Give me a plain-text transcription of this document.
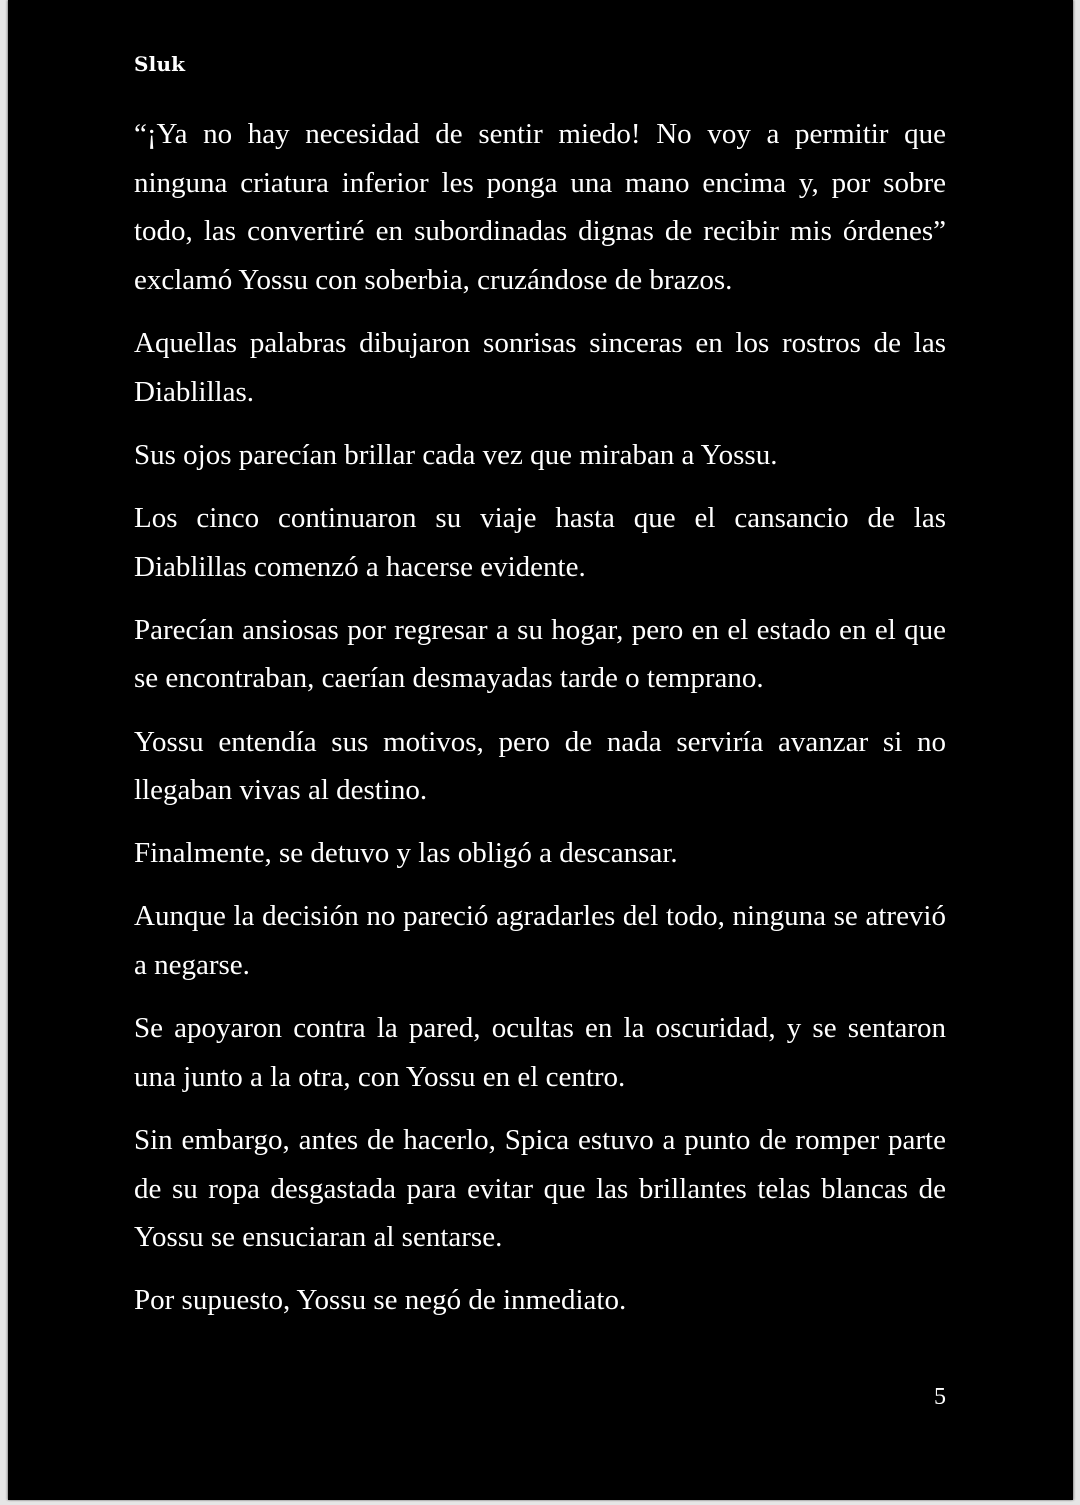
Sluk

“¡Ya no hay necesidad de sentir miedo! No voy a permitir que ninguna criatura inferior les ponga una mano encima y, por sobre todo, las convertiré en subordinadas dignas de recibir mis órdenes” exclamó Yossu con soberbia, cruzándose de brazos.

Aquellas palabras dibujaron sonrisas sinceras en los rostros de las Diablillas.

Sus ojos parecían brillar cada vez que miraban a Yossu.

Los cinco continuaron su viaje hasta que el cansancio de las Diablillas comenzó a hacerse evidente.

Parecían ansiosas por regresar a su hogar, pero en el estado en el que se encontraban, caerían desmayadas tarde o temprano.

Yossu entendía sus motivos, pero de nada serviría avanzar si no llegaban vivas al destino.

Finalmente, se detuvo y las obligó a descansar.

Aunque la decisión no pareció agradarles del todo, ninguna se atrevió a negarse.

Se apoyaron contra la pared, ocultas en la oscuridad, y se sentaron una junto a la otra, con Yossu en el centro.

Sin embargo, antes de hacerlo, Spica estuvo a punto de romper parte de su ropa desgastada para evitar que las brillantes telas blancas de Yossu se ensuciaran al sentarse.

Por supuesto, Yossu se negó de inmediato.

5
